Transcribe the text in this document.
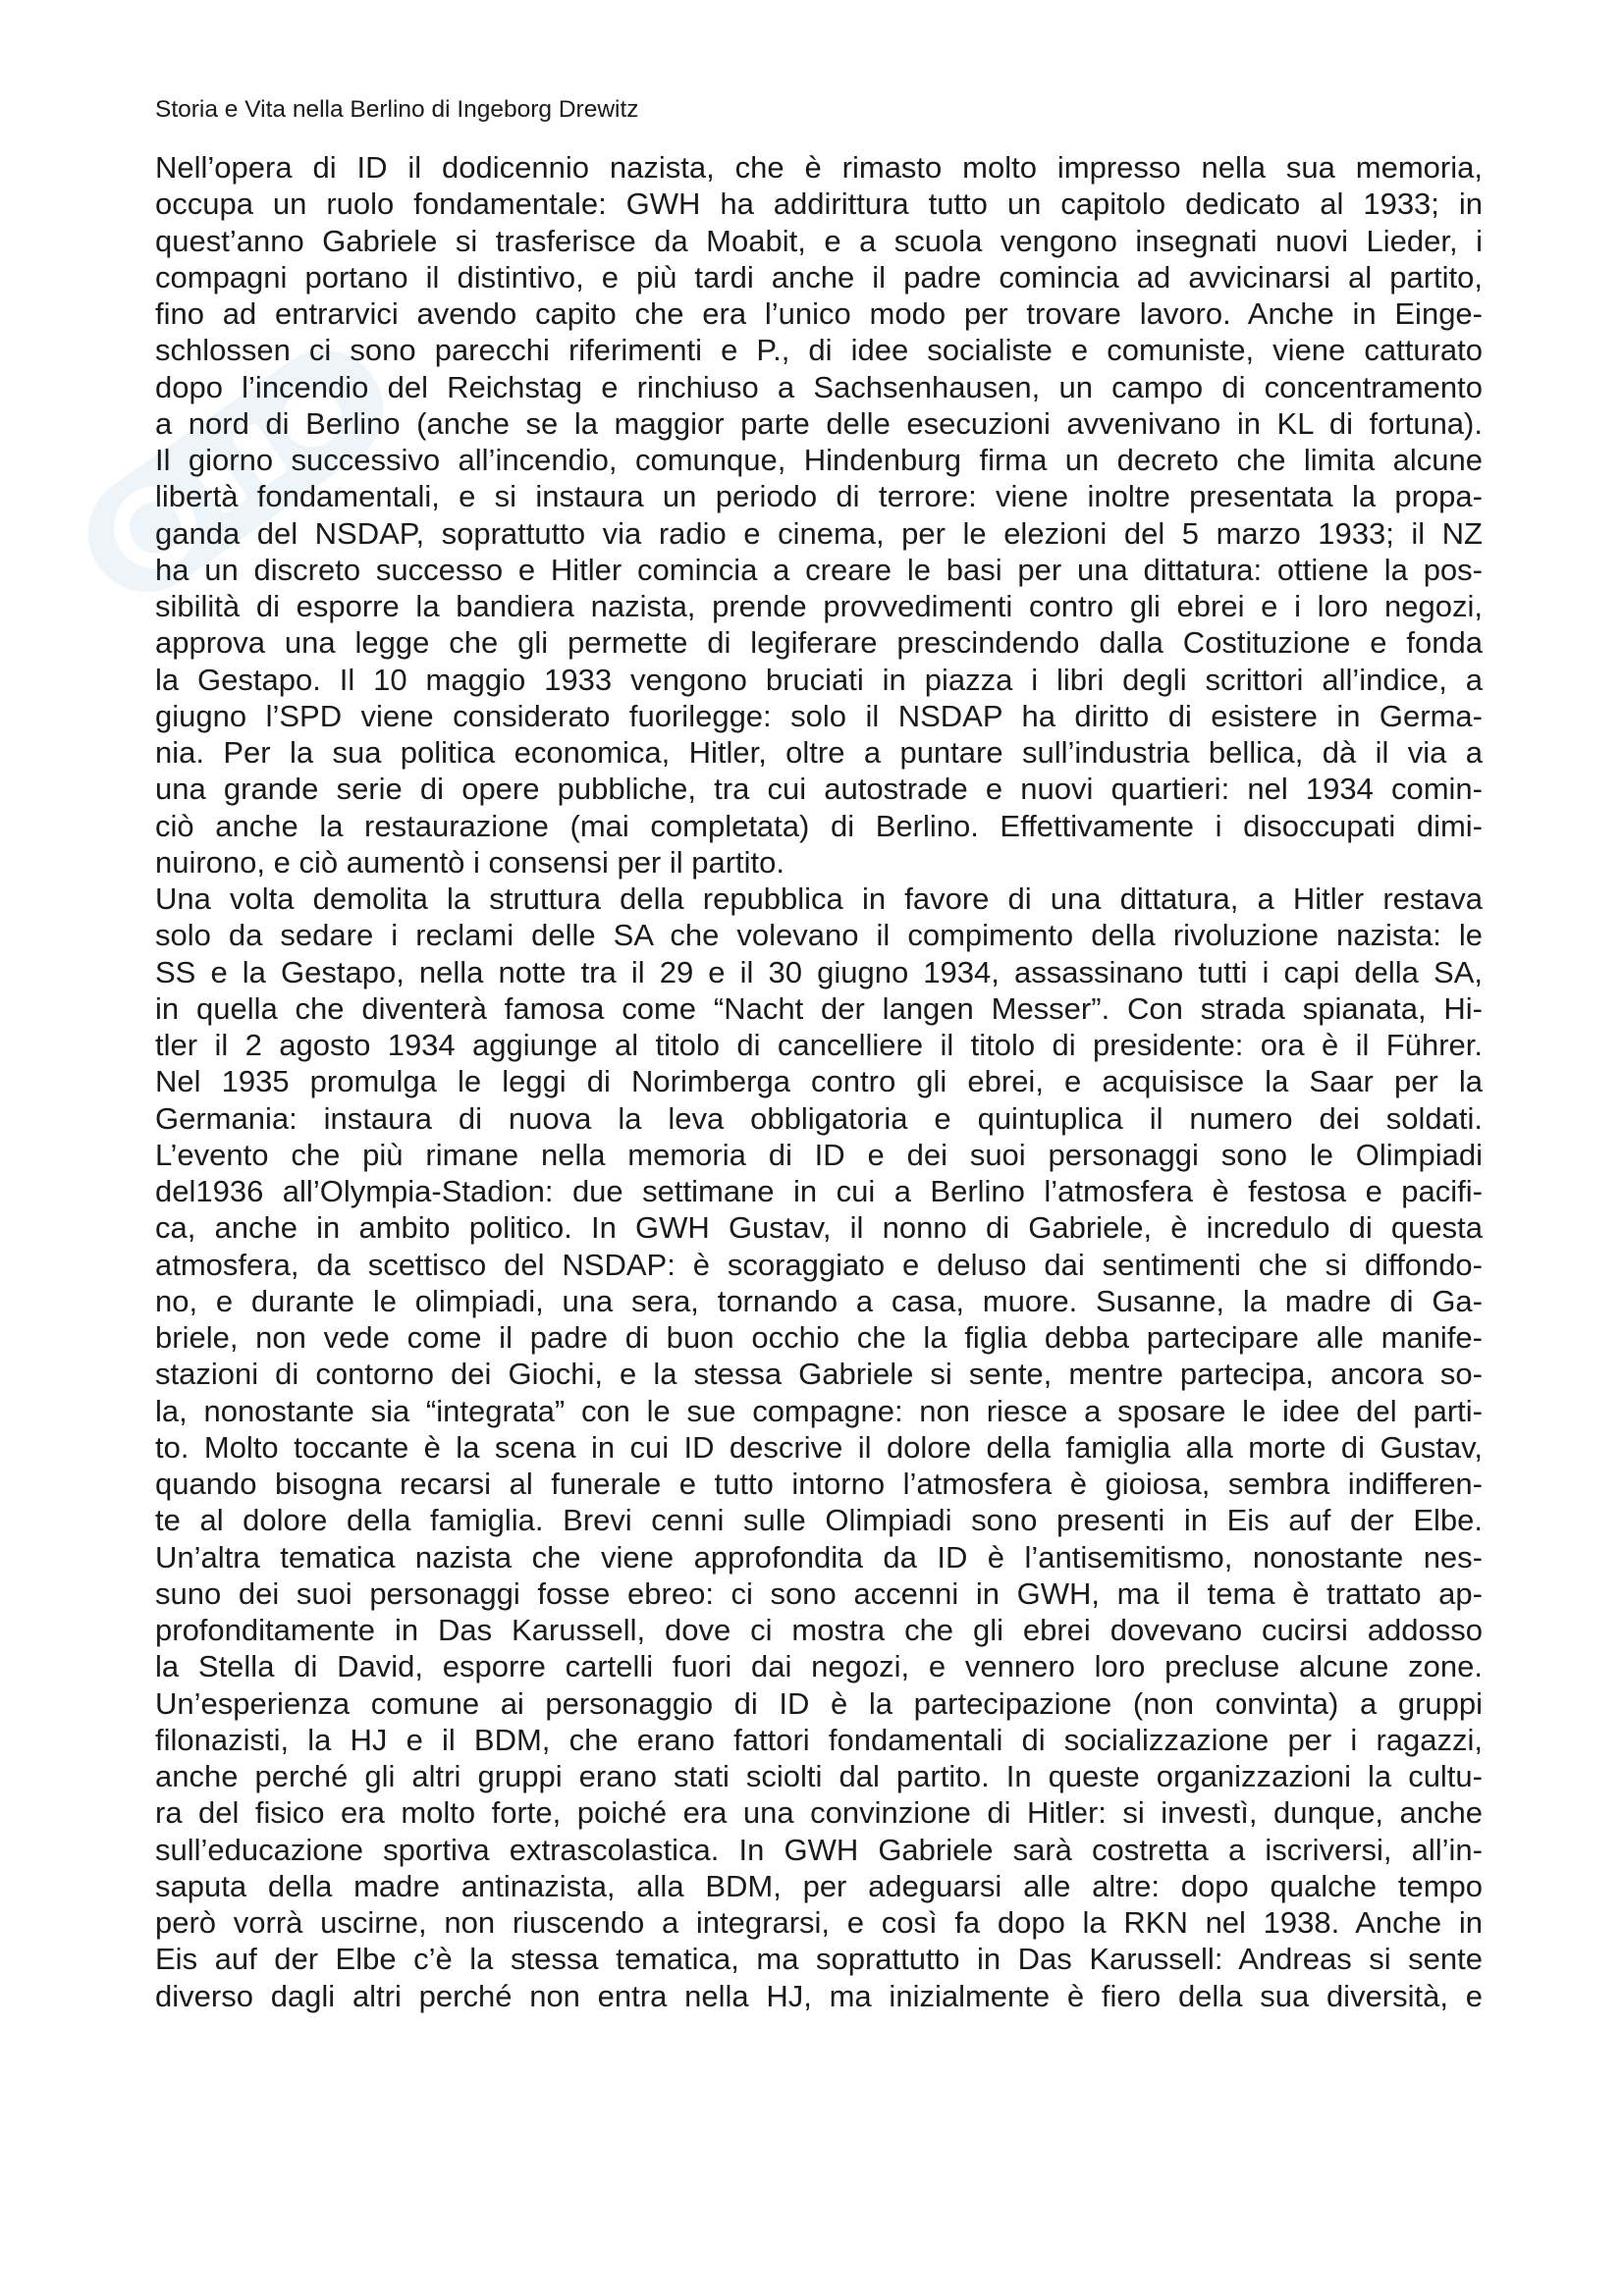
Storia e Vita nella Berlino di Ingeborg Drewitz
Nell’opera di ID il dodicennio nazista, che è rimasto molto impresso nella sua memoria,
occupa un ruolo fondamentale: GWH ha addirittura tutto un capitolo dedicato al 1933; in
quest’anno Gabriele si trasferisce da Moabit, e a scuola vengono insegnati nuovi Lieder, i
compagni portano il distintivo, e più tardi anche il padre comincia ad avvicinarsi al partito,
fino ad entrarvici avendo capito che era l’unico modo per trovare lavoro. Anche in Einge-
schlossen ci sono parecchi riferimenti e P., di idee socialiste e comuniste, viene catturato
dopo l’incendio del Reichstag e rinchiuso a Sachsenhausen, un campo di concentramento
a nord di Berlino (anche se la maggior parte delle esecuzioni avvenivano in KL di fortuna).
Il giorno successivo all’incendio, comunque, Hindenburg firma un decreto che limita alcune
libertà fondamentali, e si instaura un periodo di terrore: viene inoltre presentata la propa-
ganda del NSDAP, soprattutto via radio e cinema, per le elezioni del 5 marzo 1933; il NZ
ha un discreto successo e Hitler comincia a creare le basi per una dittatura: ottiene la pos-
sibilità di esporre la bandiera nazista, prende provvedimenti contro gli ebrei e i loro negozi,
approva una legge che gli permette di legiferare prescindendo dalla Costituzione e fonda
la Gestapo. Il 10 maggio 1933 vengono bruciati in piazza i libri degli scrittori all’indice, a
giugno l’SPD viene considerato fuorilegge: solo il NSDAP ha diritto di esistere in Germa-
nia. Per la sua politica economica, Hitler, oltre a puntare sull’industria bellica, dà il via a
una grande serie di opere pubbliche, tra cui autostrade e nuovi quartieri: nel 1934 comin-
ciò anche la restaurazione (mai completata) di Berlino. Effettivamente i disoccupati dimi-
nuirono, e ciò aumentò i consensi per il partito.
Una volta demolita la struttura della repubblica in favore di una dittatura, a Hitler restava
solo da sedare i reclami delle SA che volevano il compimento della rivoluzione nazista: le
SS e la Gestapo, nella notte tra il 29 e il 30 giugno 1934, assassinano tutti i capi della SA,
in quella che diventerà famosa come “Nacht der langen Messer”. Con strada spianata, Hi-
tler il 2 agosto 1934 aggiunge al titolo di cancelliere il titolo di presidente: ora è il Führer.
Nel 1935 promulga le leggi di Norimberga contro gli ebrei, e acquisisce la Saar per la
Germania: instaura di nuova la leva obbligatoria e quintuplica il numero dei soldati.
L’evento che più rimane nella memoria di ID e dei suoi personaggi sono le Olimpiadi
del1936 all’Olympia-Stadion: due settimane in cui a Berlino l’atmosfera è festosa e pacifi-
ca, anche in ambito politico. In GWH Gustav, il nonno di Gabriele, è incredulo di questa
atmosfera, da scettisco del NSDAP: è scoraggiato e deluso dai sentimenti che si diffondo-
no, e durante le olimpiadi, una sera, tornando a casa, muore. Susanne, la madre di Ga-
briele, non vede come il padre di buon occhio che la figlia debba partecipare alle manife-
stazioni di contorno dei Giochi, e la stessa Gabriele si sente, mentre partecipa, ancora so-
la, nonostante sia “integrata” con le sue compagne: non riesce a sposare le idee del parti-
to. Molto toccante è la scena in cui ID descrive il dolore della famiglia alla morte di Gustav,
quando bisogna recarsi al funerale e tutto intorno l’atmosfera è gioiosa, sembra indifferen-
te al dolore della famiglia. Brevi cenni sulle Olimpiadi sono presenti in Eis auf der Elbe.
Un’altra tematica nazista che viene approfondita da ID è l’antisemitismo, nonostante nes-
suno dei suoi personaggi fosse ebreo: ci sono accenni in GWH, ma il tema è trattato ap-
profonditamente in Das Karussell, dove ci mostra che gli ebrei dovevano cucirsi addosso
la Stella di David, esporre cartelli fuori dai negozi, e vennero loro precluse alcune zone.
Un’esperienza comune ai personaggio di ID è la partecipazione (non convinta) a gruppi
filonazisti, la HJ e il BDM, che erano fattori fondamentali di socializzazione per i ragazzi,
anche perché gli altri gruppi erano stati sciolti dal partito. In queste organizzazioni la cultu-
ra del fisico era molto forte, poiché era una convinzione di Hitler: si investì, dunque, anche
sull’educazione sportiva extrascolastica. In GWH Gabriele sarà costretta a iscriversi, all’in-
saputa della madre antinazista, alla BDM, per adeguarsi alle altre: dopo qualche tempo
però vorrà uscirne, non riuscendo a integrarsi, e così fa dopo la RKN nel 1938. Anche in
Eis auf der Elbe c’è la stessa tematica, ma soprattutto in Das Karussell: Andreas si sente
diverso dagli altri perché non entra nella HJ, ma inizialmente è fiero della sua diversità, e
